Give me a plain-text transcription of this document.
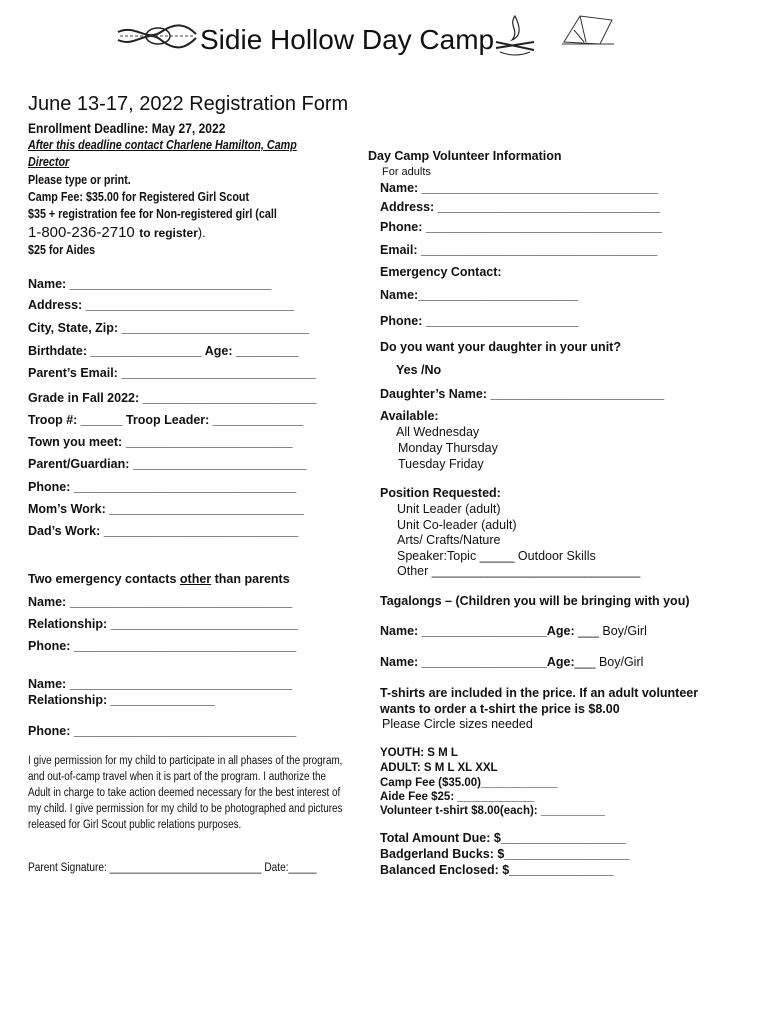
Sidie Hollow Day Camp
June 13-17, 2022 Registration Form
Enrollment Deadline: May 27, 2022
After this deadline contact Charlene Hamilton, Camp
Director
Please type or print.
Camp Fee: $35.00 for Registered Girl Scout
$35 + registration fee for Non-registered girl (call
1-800-236-2710 to register).
$25 for Aides
Name: _____________________________
Address: ______________________________
City, State, Zip: ___________________________
Birthdate: ________________ Age: _________
Parent’s Email: ____________________________
Grade in Fall 2022: _________________________
Troop #: ______ Troop Leader: _____________
Town you meet: ________________________
Parent/Guardian: _________________________
Phone: ________________________________
Mom’s Work: ____________________________
Dad’s Work: ____________________________
Two emergency contacts other than parents
Name: ________________________________
Relationship: ___________________________
Phone: ________________________________
Name: ________________________________
Relationship: _______________
Phone: ________________________________
I give permission for my child to participate in all phases of the program, and out-of-camp travel when it is part of the program. I authorize the Adult in charge to take action deemed necessary for the best interest of my child. I give permission for my child to be photographed and pictures released for Girl Scout public relations purposes.
Parent Signature: ___________________________ Date:_____
Day Camp Volunteer Information
For adults
Name: __________________________________
Address: ________________________________
Phone: __________________________________
Email: __________________________________
Emergency Contact:
Name:_______________________
Phone: ______________________
Do you want your daughter in your unit?
Yes /No
Daughter’s Name: _________________________
Available:
All Wednesday
Monday Thursday
Tuesday Friday
Position Requested:
Unit Leader (adult)
Unit Co-leader (adult)
Arts/ Crafts/Nature
Speaker:Topic _____ Outdoor Skills
Other ______________________________
Tagalongs – (Children you will be bringing with you)
Name: __________________Age: ___ Boy/Girl
Name: __________________Age:___ Boy/Girl
T-shirts are included in the price. If an adult volunteer
wants to order a t-shirt the price is $8.00
Please Circle sizes needed
YOUTH: S M L
ADULT: S M L XL XXL
Camp Fee ($35.00)____________
Aide Fee $25: ____________
Volunteer t-shirt $8.00(each): __________
Total Amount Due: $__________________
Badgerland Bucks: $__________________
Balanced Enclosed: $_______________
